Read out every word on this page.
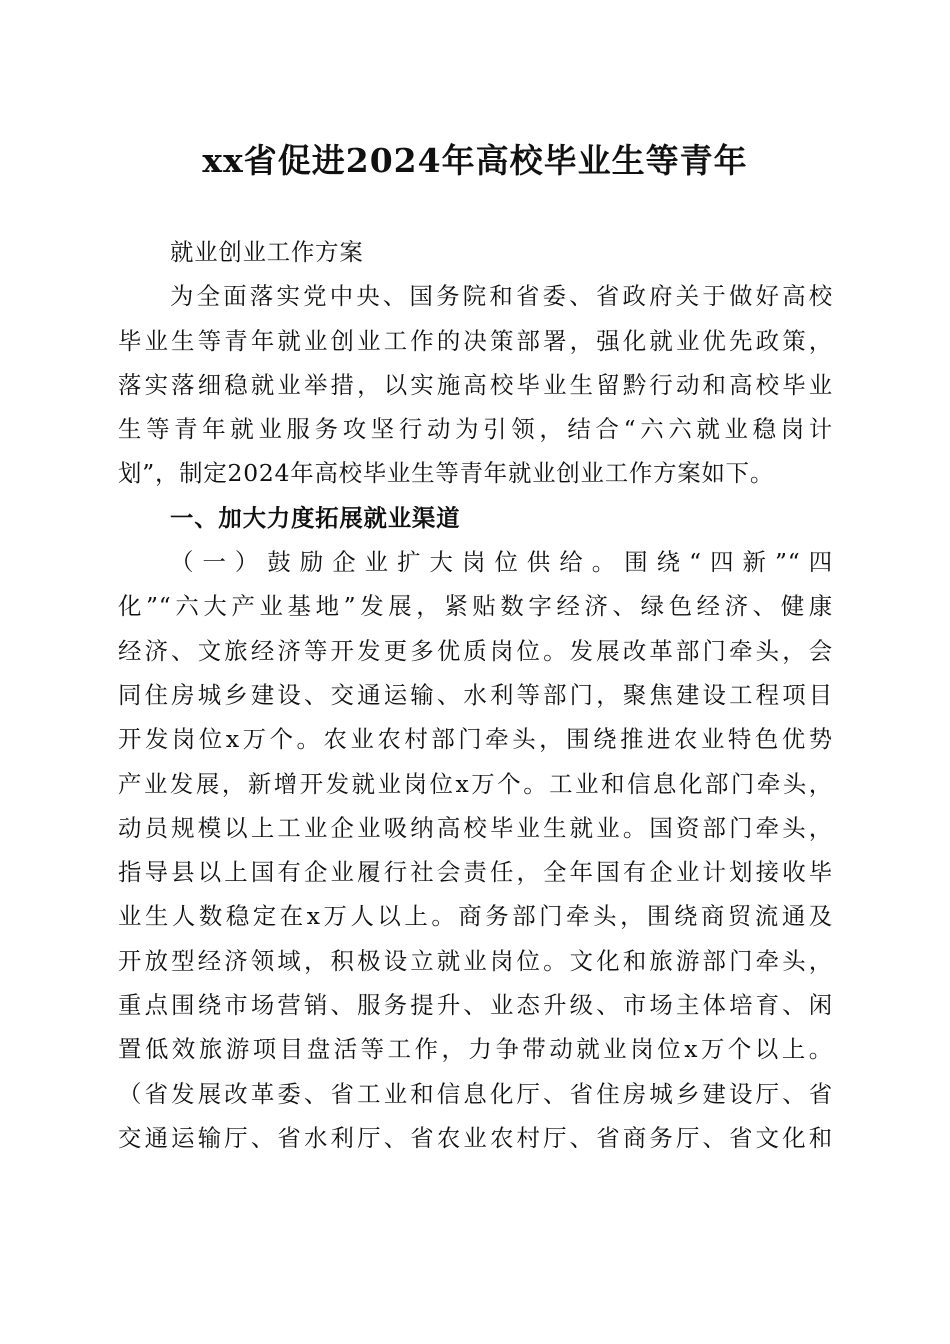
xx省促进2024年高校毕业生等青年
就业创业工作方案
为全面落实党中央、国务院和省委、省政府关于做好高校
毕业生等青年就业创业工作的决策部署，强化就业优先政策，
落实落细稳就业举措，以实施高校毕业生留黔行动和高校毕业
生等青年就业服务攻坚行动为引领，结合“六六就业稳岗计
划”，制定2024年高校毕业生等青年就业创业工作方案如下。
一、加大力度拓展就业渠道
（一）鼓励企业扩大岗位供给。围绕“四新”“四
化”“六大产业基地”发展，紧贴数字经济、绿色经济、健康
经济、文旅经济等开发更多优质岗位。发展改革部门牵头，会
同住房城乡建设、交通运输、水利等部门，聚焦建设工程项目
开发岗位x万个。农业农村部门牵头，围绕推进农业特色优势
产业发展，新增开发就业岗位x万个。工业和信息化部门牵头，
动员规模以上工业企业吸纳高校毕业生就业。国资部门牵头，
指导县以上国有企业履行社会责任，全年国有企业计划接收毕
业生人数稳定在x万人以上。商务部门牵头，围绕商贸流通及
开放型经济领域，积极设立就业岗位。文化和旅游部门牵头，
重点围绕市场营销、服务提升、业态升级、市场主体培育、闲
置低效旅游项目盘活等工作，力争带动就业岗位x万个以上。
（省发展改革委、省工业和信息化厅、省住房城乡建设厅、省
交通运输厅、省水利厅、省农业农村厅、省商务厅、省文化和
